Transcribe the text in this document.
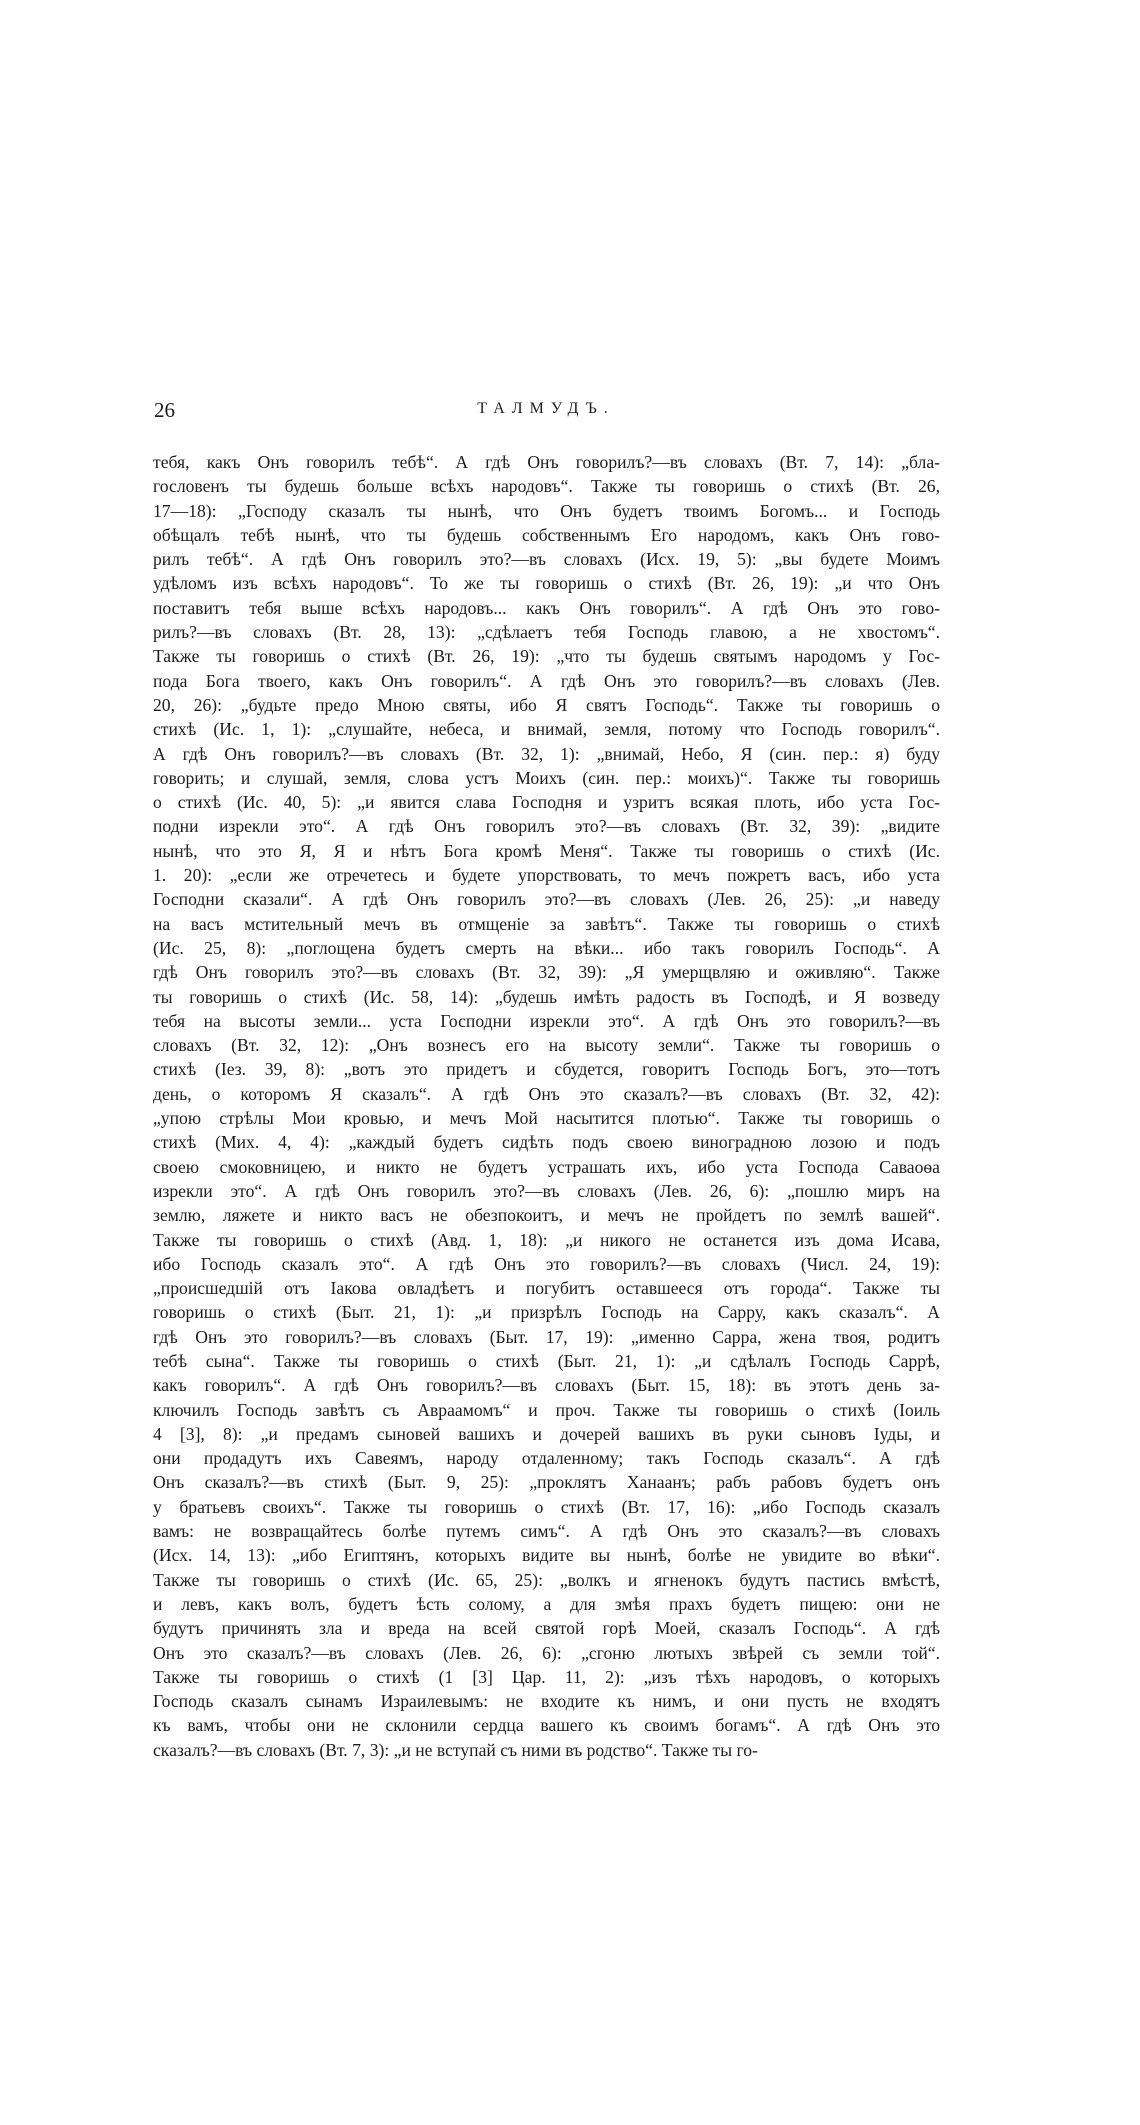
26	ТАЛМУДЪ.
тебя, какъ Онъ говорилъ тебѣ“. А гдѣ Онъ говорилъ?—въ словахъ (Вт. 7, 14): „бла-
гословенъ ты будешь больше всѣхъ народовъ“. Также ты говоришь о стихѣ (Вт. 26,
17—18): „Господу сказалъ ты нынѣ, что Онъ будетъ твоимъ Богомъ... и Господь
обѣщалъ тебѣ нынѣ, что ты будешь собственнымъ Его народомъ, какъ Онъ гово-
рилъ тебѣ“. А гдѣ Онъ говорилъ это?—въ словахъ (Исх. 19, 5): „вы будете Моимъ
удѣломъ изъ всѣхъ народовъ“. То же ты говоришь о стихѣ (Вт. 26, 19): „и что Онъ
поставитъ тебя выше всѣхъ народовъ... какъ Онъ говорилъ“. А гдѣ Онъ это гово-
рилъ?—въ словахъ (Вт. 28, 13): „сдѣлаетъ тебя Господь главою, а не хвостомъ“.
Также ты говоришь о стихѣ (Вт. 26, 19): „что ты будешь святымъ народомъ у Гос-
пода Бога твоего, какъ Онъ говорилъ“. А гдѣ Онъ это говорилъ?—въ словахъ (Лев.
20, 26): „будьте предо Мною святы, ибо Я святъ Господь“. Также ты говоришь о
стихѣ (Ис. 1, 1): „слушайте, небеса, и внимай, земля, потому что Господь говорилъ“.
А гдѣ Онъ говорилъ?—въ словахъ (Вт. 32, 1): „внимай, Небо, Я (син. пер.: я) буду
говорить; и слушай, земля, слова устъ Моихъ (син. пер.: моихъ)“. Также ты говоришь
о стихѣ (Ис. 40, 5): „и явится слава Господня и узритъ всякая плоть, ибо уста Гос-
подни изрекли это“. А гдѣ Онъ говорилъ это?—въ словахъ (Вт. 32, 39): „видите
нынѣ, что это Я, Я и нѣтъ Бога кромѣ Меня“. Также ты говоришь о стихѣ (Ис.
1. 20): „если же отречетесь и будете упорствовать, то мечъ пожретъ васъ, ибо уста
Господни сказали“. А гдѣ Онъ говорилъ это?—въ словахъ (Лев. 26, 25): „и наведу
на васъ мстительный мечъ въ отмщеніе за завѣтъ“. Также ты говоришь о стихѣ
(Ис. 25, 8): „поглощена будетъ смерть на вѣки... ибо такъ говорилъ Господь“. А
гдѣ Онъ говорилъ это?—въ словахъ (Вт. 32, 39): „Я умерщвляю и оживляю“. Также
ты говоришь о стихѣ (Ис. 58, 14): „будешь имѣть радость въ Господѣ, и Я возведу
тебя на высоты земли... уста Господни изрекли это“. А гдѣ Онъ это говорилъ?—въ
словахъ (Вт. 32, 12): „Онъ вознесъ его на высоту земли“. Также ты говоришь о
стихѣ (Іез. 39, 8): „вотъ это придетъ и сбудется, говоритъ Господь Богъ, это—тотъ
день, о которомъ Я сказалъ“. А гдѣ Онъ это сказалъ?—въ словахъ (Вт. 32, 42):
„упою стрѣлы Мои кровью, и мечъ Мой насытится плотью“. Также ты говоришь о
стихѣ (Мих. 4, 4): „каждый будетъ сидѣть подъ своею виноградною лозою и подъ
своею смоковницею, и никто не будетъ устрашать ихъ, ибо уста Господа Саваоѳа
изрекли это“. А гдѣ Онъ говорилъ это?—въ словахъ (Лев. 26, 6): „пошлю миръ на
землю, ляжете и никто васъ не обезпокоитъ, и мечъ не пройдетъ по землѣ вашей“.
Также ты говоришь о стихѣ (Авд. 1, 18): „и никого не останется изъ дома Исава,
ибо Господь сказалъ это“. А гдѣ Онъ это говорилъ?—въ словахъ (Числ. 24, 19):
„происшедшій отъ Іакова овладѣетъ и погубитъ оставшееся отъ города“. Также ты
говоришь о стихѣ (Быт. 21, 1): „и призрѣлъ Господь на Сарру, какъ сказалъ“. А
гдѣ Онъ это говорилъ?—въ словахъ (Быт. 17, 19): „именно Сарра, жена твоя, родитъ
тебѣ сына“. Также ты говоришь о стихѣ (Быт. 21, 1): „и сдѣлалъ Господь Саррѣ,
какъ говорилъ“. А гдѣ Онъ говорилъ?—въ словахъ (Быт. 15, 18): въ этотъ день за-
ключилъ Господь завѣтъ съ Авраамомъ“ и проч. Также ты говоришь о стихѣ (Іоиль
4 [3], 8): „и предамъ сыновей вашихъ и дочерей вашихъ въ руки сыновъ Іуды, и
они продадутъ ихъ Савеямъ, народу отдаленному; такъ Господь сказалъ“. А гдѣ
Онъ сказалъ?—въ стихѣ (Быт. 9, 25): „проклятъ Ханаанъ; рабъ рабовъ будетъ онъ
у братьевъ своихъ“. Также ты говоришь о стихѣ (Вт. 17, 16): „ибо Господь сказалъ
вамъ: не возвращайтесь болѣе путемъ симъ“. А гдѣ Онъ это сказалъ?—въ словахъ
(Исх. 14, 13): „ибо Египтянъ, которыхъ видите вы нынѣ, болѣе не увидите во вѣки“.
Также ты говоришь о стихѣ (Ис. 65, 25): „волкъ и ягненокъ будутъ пастись вмѣстѣ,
и левъ, какъ волъ, будетъ ѣсть солому, а для змѣя прахъ будетъ пищею: они не
будутъ причинять зла и вреда на всей святой горѣ Моей, сказалъ Господь“. А гдѣ
Онъ это сказалъ?—въ словахъ (Лев. 26, 6): „сгоню лютыхъ звѣрей съ земли той“.
Также ты говоришь о стихѣ (1 [3] Цар. 11, 2): „изъ тѣхъ народовъ, о которыхъ
Господь сказалъ сынамъ Израилевымъ: не входите къ нимъ, и они пусть не входятъ
къ вамъ, чтобы они не склонили сердца вашего къ своимъ богамъ“. А гдѣ Онъ это
сказалъ?—въ словахъ (Вт. 7, 3): „и не вступай съ ними въ родство“. Также ты го-
